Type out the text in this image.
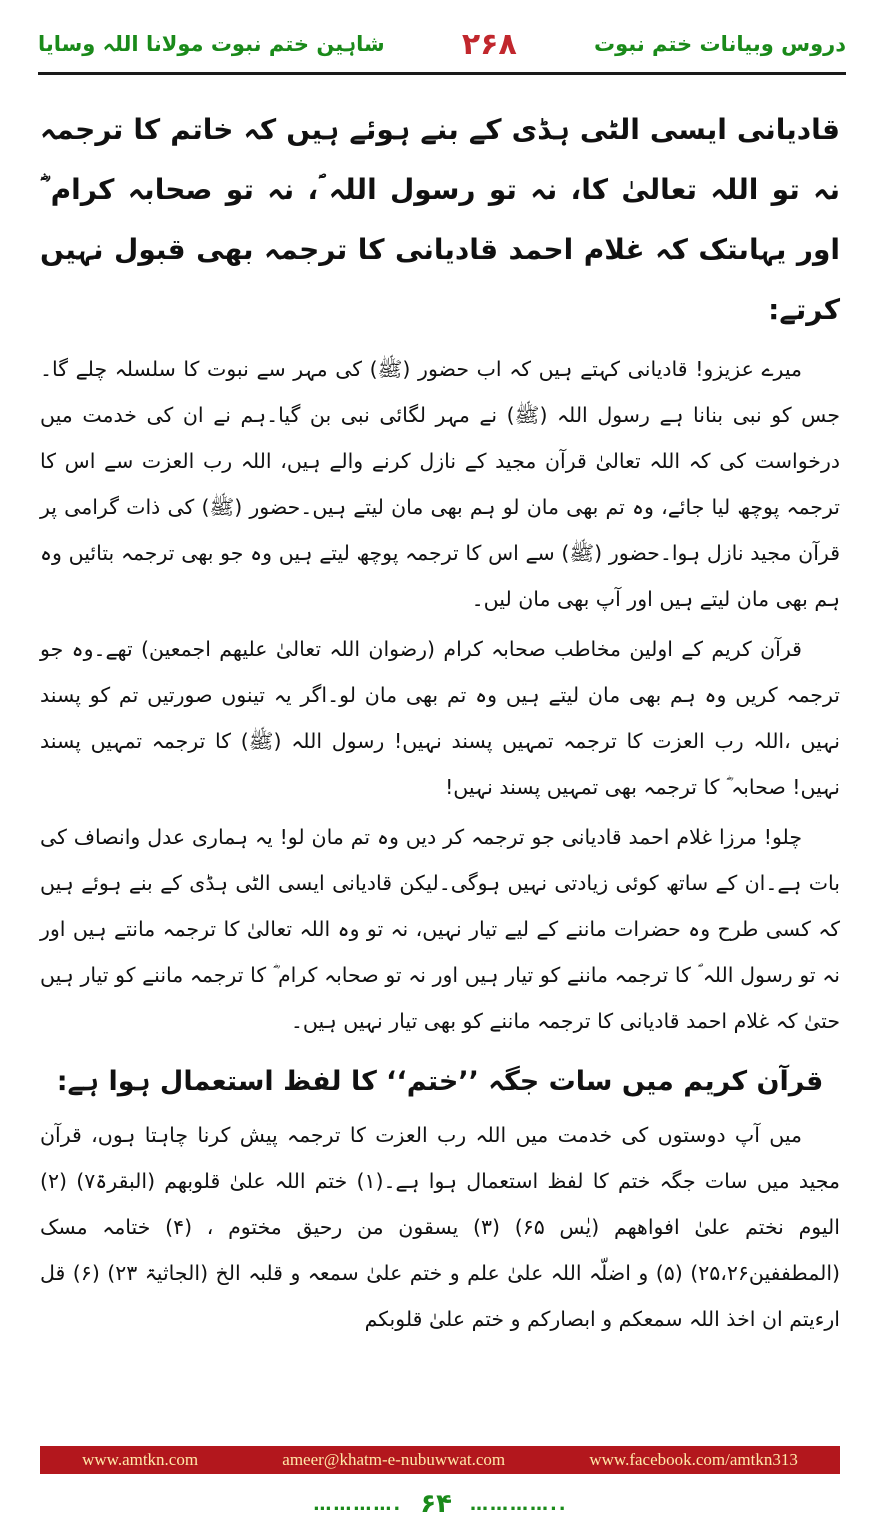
شاہین ختم نبوت مولانا اللہ وسایا	۲۶۸	دروس وبیانات ختم نبوت

قادیانی ایسی الٹی ہڈی کے بنے ہوئے ہیں کہ خاتم کا ترجمہ نہ تو اللہ تعالیٰ کا، نہ تو رسول اللہ ؐ، نہ تو صحابہ کرام ؓ اور یہاںتک کہ غلام احمد قادیانی کا ترجمہ بھی قبول نہیں کرتے:

میرے عزیزو! قادیانی کہتے ہیں کہ اب حضور (ﷺ) کی مہر سے نبوت کا سلسلہ چلے گا۔جس کو نبی بنانا ہے رسول اللہ (ﷺ) نے مہر لگائی نبی بن گیا۔ہم نے ان کی خدمت میں درخواست کی کہ اللہ تعالیٰ قرآن مجید کے نازل کرنے والے ہیں، اللہ رب العزت سے اس کا ترجمہ پوچھ لیا جائے، وہ تم بھی مان لو ہم بھی مان لیتے ہیں۔حضور (ﷺ) کی ذات گرامی پر قرآن مجید نازل ہوا۔حضور (ﷺ) سے اس کا ترجمہ پوچھ لیتے ہیں وہ جو بھی ترجمہ بتائیں وہ ہم بھی مان لیتے ہیں اور آپ بھی مان لیں۔

قرآن کریم کے اولین مخاطب صحابہ کرام (رضوان اللہ تعالیٰ علیھم اجمعین) تھے۔وہ جو ترجمہ کریں وہ ہم بھی مان لیتے ہیں وہ تم بھی مان لو۔اگر یہ تینوں صورتیں تم کو پسند نہیں ،اللہ رب العزت کا ترجمہ تمہیں پسند نہیں! رسول اللہ (ﷺ) کا ترجمہ تمہیں پسند نہیں! صحابہ ؓ کا ترجمہ بھی تمہیں پسند نہیں!

چلو! مرزا غلام احمد قادیانی جو ترجمہ کر دیں وہ تم مان لو! یہ ہماری عدل وانصاف کی بات ہے۔ان کے ساتھ کوئی زیادتی نہیں ہوگی۔لیکن قادیانی ایسی الٹی ہڈی کے بنے ہوئے ہیں کہ کسی طرح وہ حضرات ماننے کے لیے تیار نہیں، نہ تو وہ اللہ تعالیٰ کا ترجمہ مانتے ہیں اور نہ تو رسول اللہ ؐ کا ترجمہ ماننے کو تیار ہیں اور نہ تو صحابہ کرام ؓ کا ترجمہ ماننے کو تیار ہیں حتیٰ کہ غلام احمد قادیانی کا ترجمہ ماننے کو بھی تیار نہیں ہیں۔

قرآن کریم میں سات جگہ ’’ختم‘‘ کا لفظ استعمال ہوا ہے:

میں آپ دوستوں کی خدمت میں اللہ رب العزت کا ترجمہ پیش کرنا چاہتا ہوں، قرآن مجید میں سات جگہ ختم کا لفظ استعمال ہوا ہے۔(۱) ختم اللہ علیٰ قلوبھم (البقرۃ۷) (۲) الیوم نختم علیٰ افواھھم (یٰس ۶۵) (۳) یسقون من رحیق مختوم ، (۴) ختامہ مسک (المطففین۲۵،۲۶) (۵) و اضلّہ اللہ علیٰ علم و ختم علیٰ سمعہ و قلبہ الخ (الجاثیۃ ۲۳) (۶) قل ارءیتم ان اخذ اللہ سمعکم و ابصارکم و ختم علیٰ قلوبکم

www.amtkn.com	ameer@khatm-e-nubuwwat.com	www.facebook.com/amtkn313
…………. ۶۴ …………..
